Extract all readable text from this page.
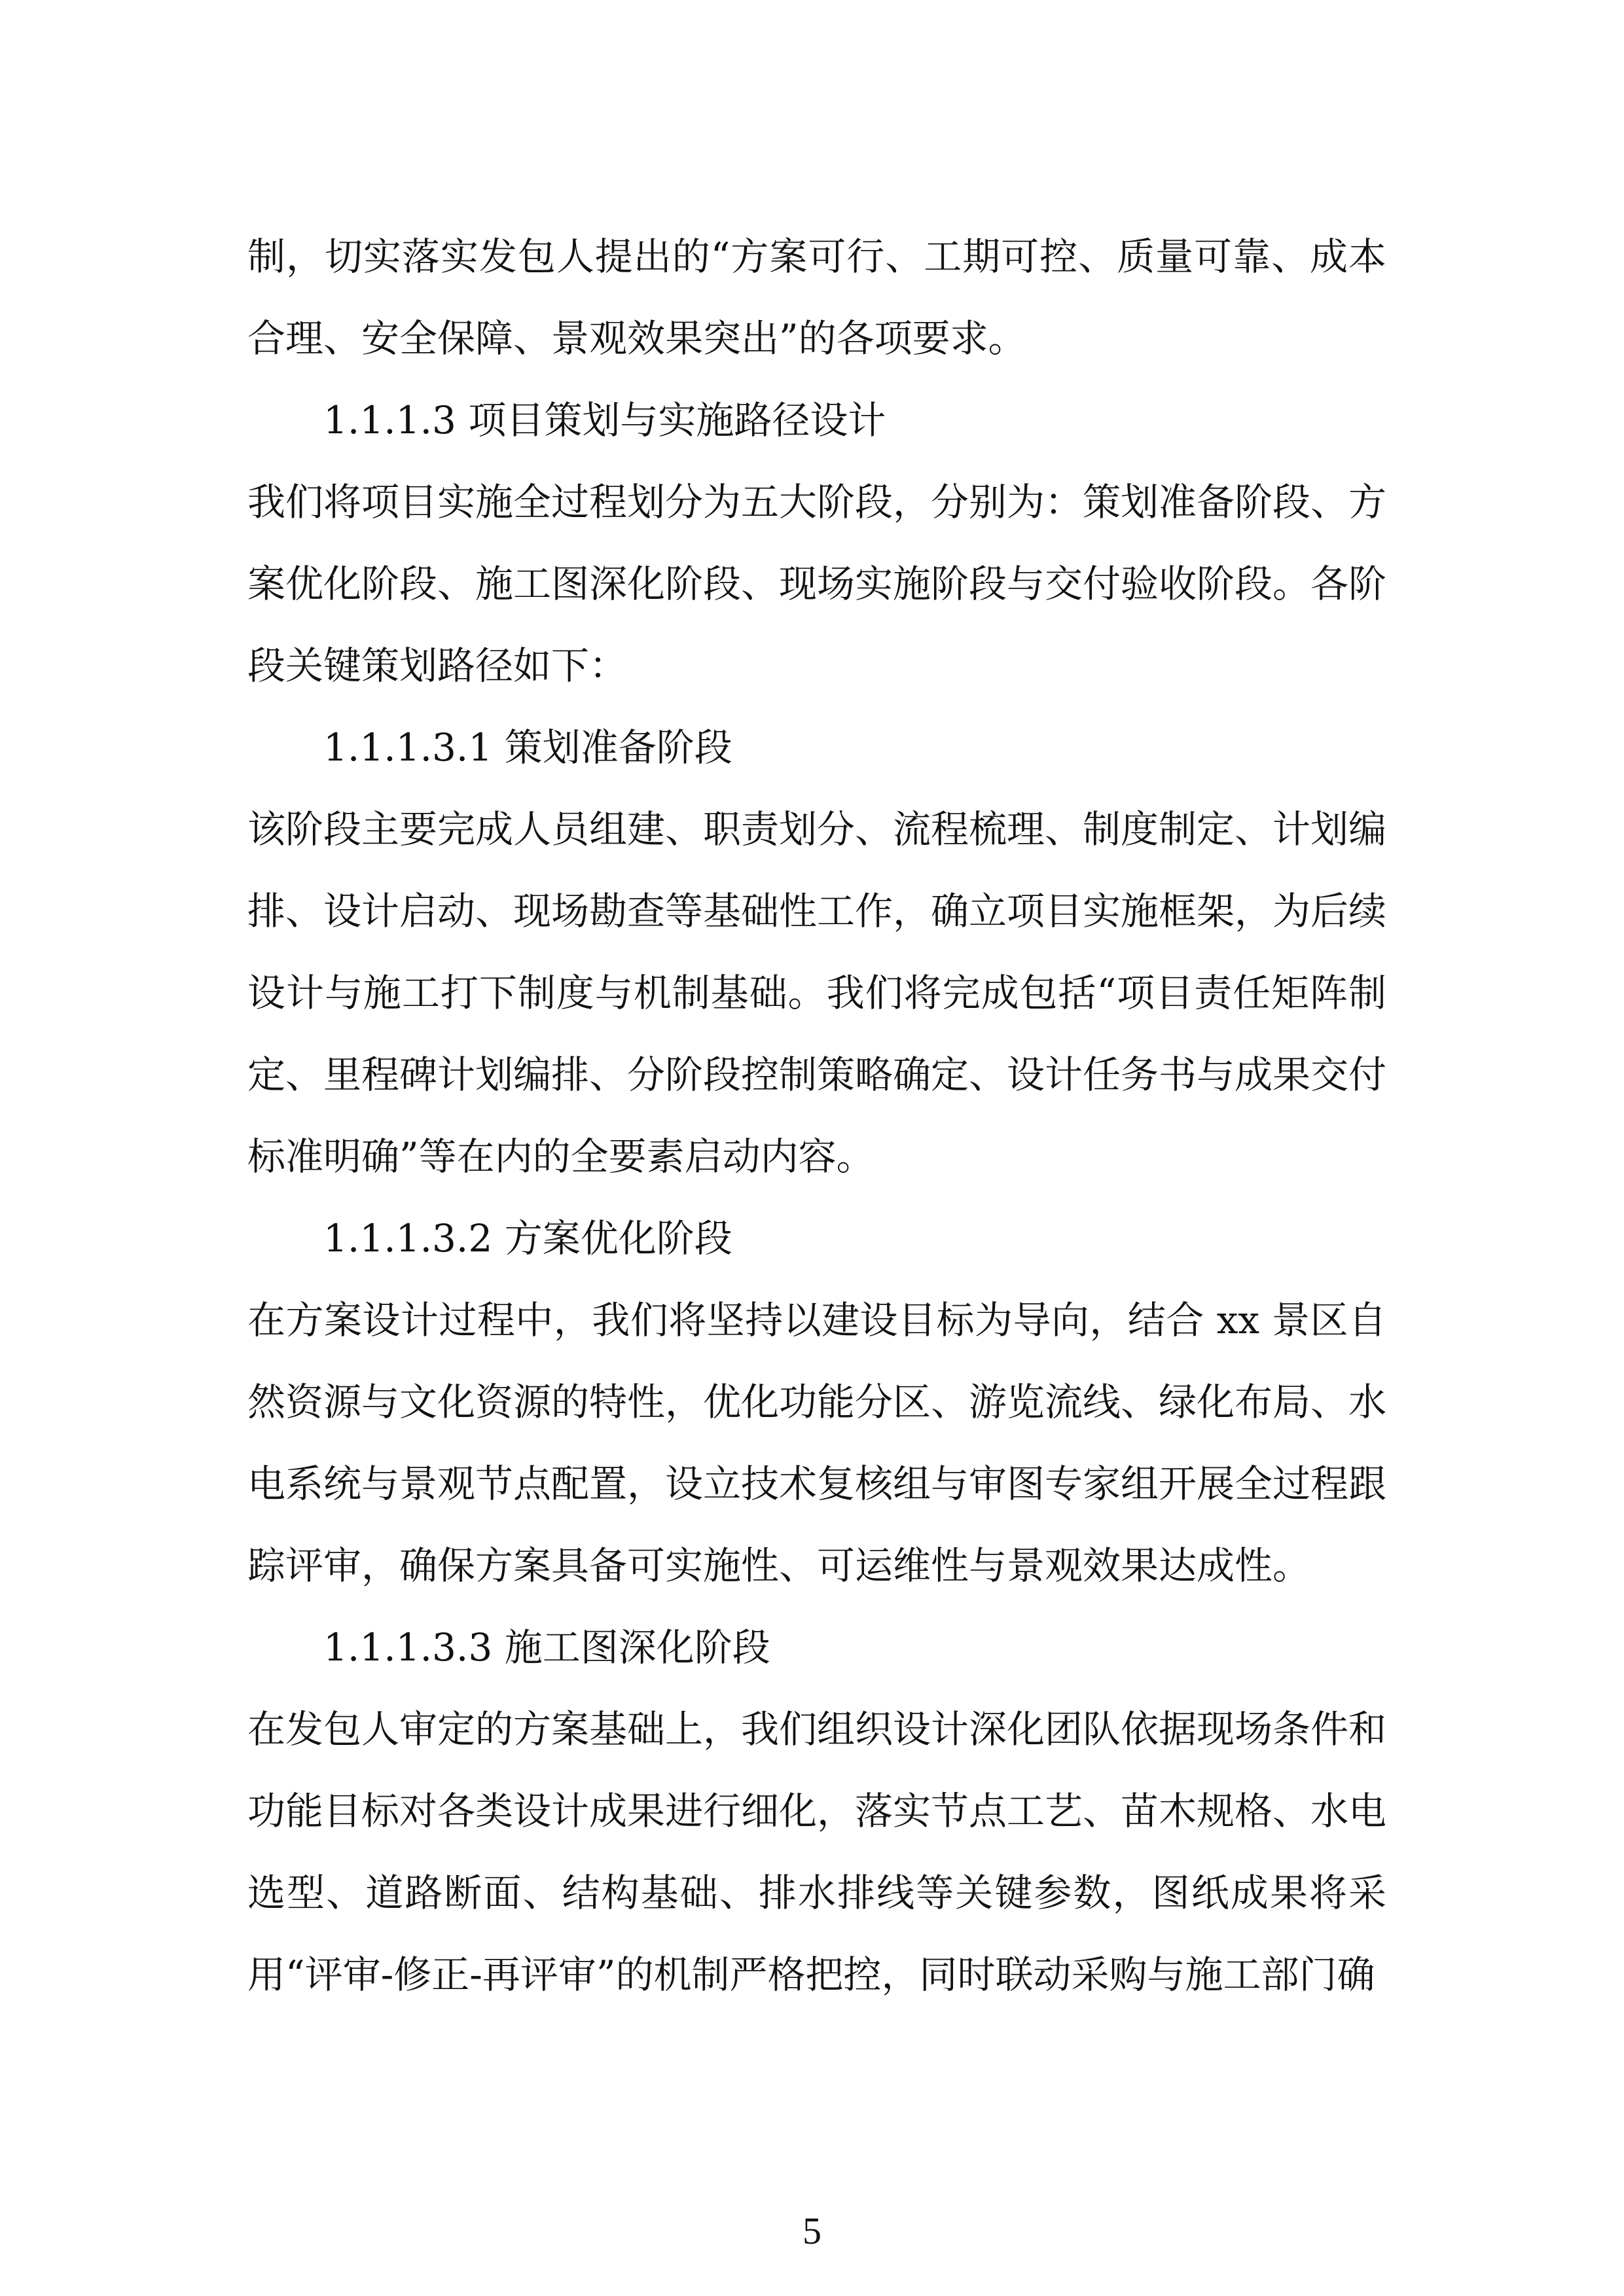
制，切实落实发包人提出的“方案可行、工期可控、质量可靠、成本合理、安全保障、景观效果突出”的各项要求。

1.1.1.3 项目策划与实施路径设计

我们将项目实施全过程划分为五大阶段，分别为：策划准备阶段、方案优化阶段、施工图深化阶段、现场实施阶段与交付验收阶段。各阶段关键策划路径如下：

1.1.1.3.1 策划准备阶段

该阶段主要完成人员组建、职责划分、流程梳理、制度制定、计划编排、设计启动、现场勘查等基础性工作，确立项目实施框架，为后续设计与施工打下制度与机制基础。我们将完成包括“项目责任矩阵制定、里程碑计划编排、分阶段控制策略确定、设计任务书与成果交付标准明确”等在内的全要素启动内容。

1.1.1.3.2 方案优化阶段

在方案设计过程中，我们将坚持以建设目标为导向，结合 xx 景区自然资源与文化资源的特性，优化功能分区、游览流线、绿化布局、水电系统与景观节点配置，设立技术复核组与审图专家组开展全过程跟踪评审，确保方案具备可实施性、可运维性与景观效果达成性。

1.1.1.3.3 施工图深化阶段

在发包人审定的方案基础上，我们组织设计深化团队依据现场条件和功能目标对各类设计成果进行细化，落实节点工艺、苗木规格、水电选型、道路断面、结构基础、排水排线等关键参数，图纸成果将采用“评审-修正-再评审”的机制严格把控，同时联动采购与施工部门确

5
